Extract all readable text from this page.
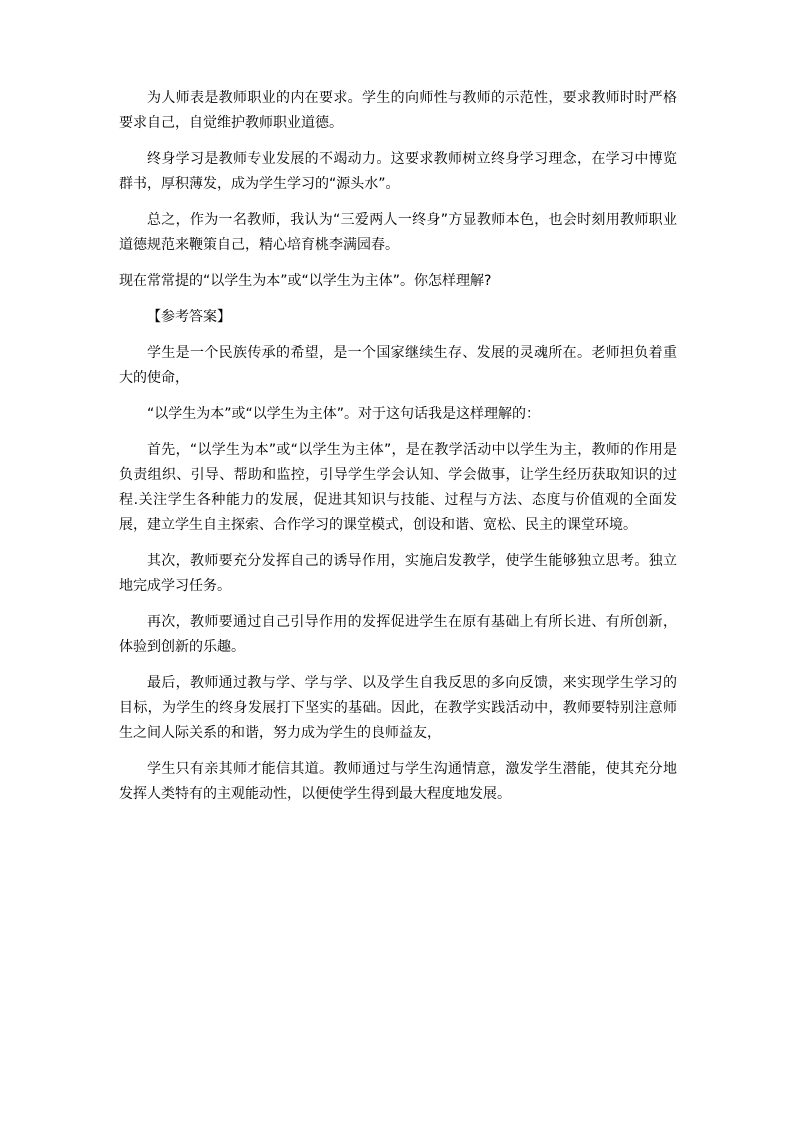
为人师表是教师职业的内在要求。学生的向师性与教师的示范性，要求教师时时严格要求自己，自觉维护教师职业道德。

终身学习是教师专业发展的不竭动力。这要求教师树立终身学习理念，在学习中博览群书，厚积薄发，成为学生学习的“源头水”。

总之，作为一名教师，我认为“三爱两人一终身”方显教师本色，也会时刻用教师职业道德规范来鞭策自己，精心培育桃李满园春。

现在常常提的“以学生为本”或“以学生为主体”。你怎样理解?

【参考答案】

学生是一个民族传承的希望，是一个国家继续生存、发展的灵魂所在。老师担负着重大的使命，

“以学生为本”或“以学生为主体”。对于这句话我是这样理解的：

首先，“以学生为本”或“以学生为主体”，是在教学活动中以学生为主，教师的作用是负责组织、引导、帮助和监控，引导学生学会认知、学会做事，让学生经历获取知识的过程.关注学生各种能力的发展，促进其知识与技能、过程与方法、态度与价值观的全面发展，建立学生自主探索、合作学习的课堂模式，创设和谐、宽松、民主的课堂环境。

其次，教师要充分发挥自己的诱导作用，实施启发教学，使学生能够独立思考。独立地完成学习任务。

再次，教师要通过自己引导作用的发挥促进学生在原有基础上有所长进、有所创新，体验到创新的乐趣。

最后，教师通过教与学、学与学、以及学生自我反思的多向反馈，来实现学生学习的目标，为学生的终身发展打下坚实的基础。因此，在教学实践活动中，教师要特别注意师生之间人际关系的和谐，努力成为学生的良师益友，

学生只有亲其师才能信其道。教师通过与学生沟通情意，激发学生潜能，使其充分地发挥人类特有的主观能动性，以便使学生得到最大程度地发展。
